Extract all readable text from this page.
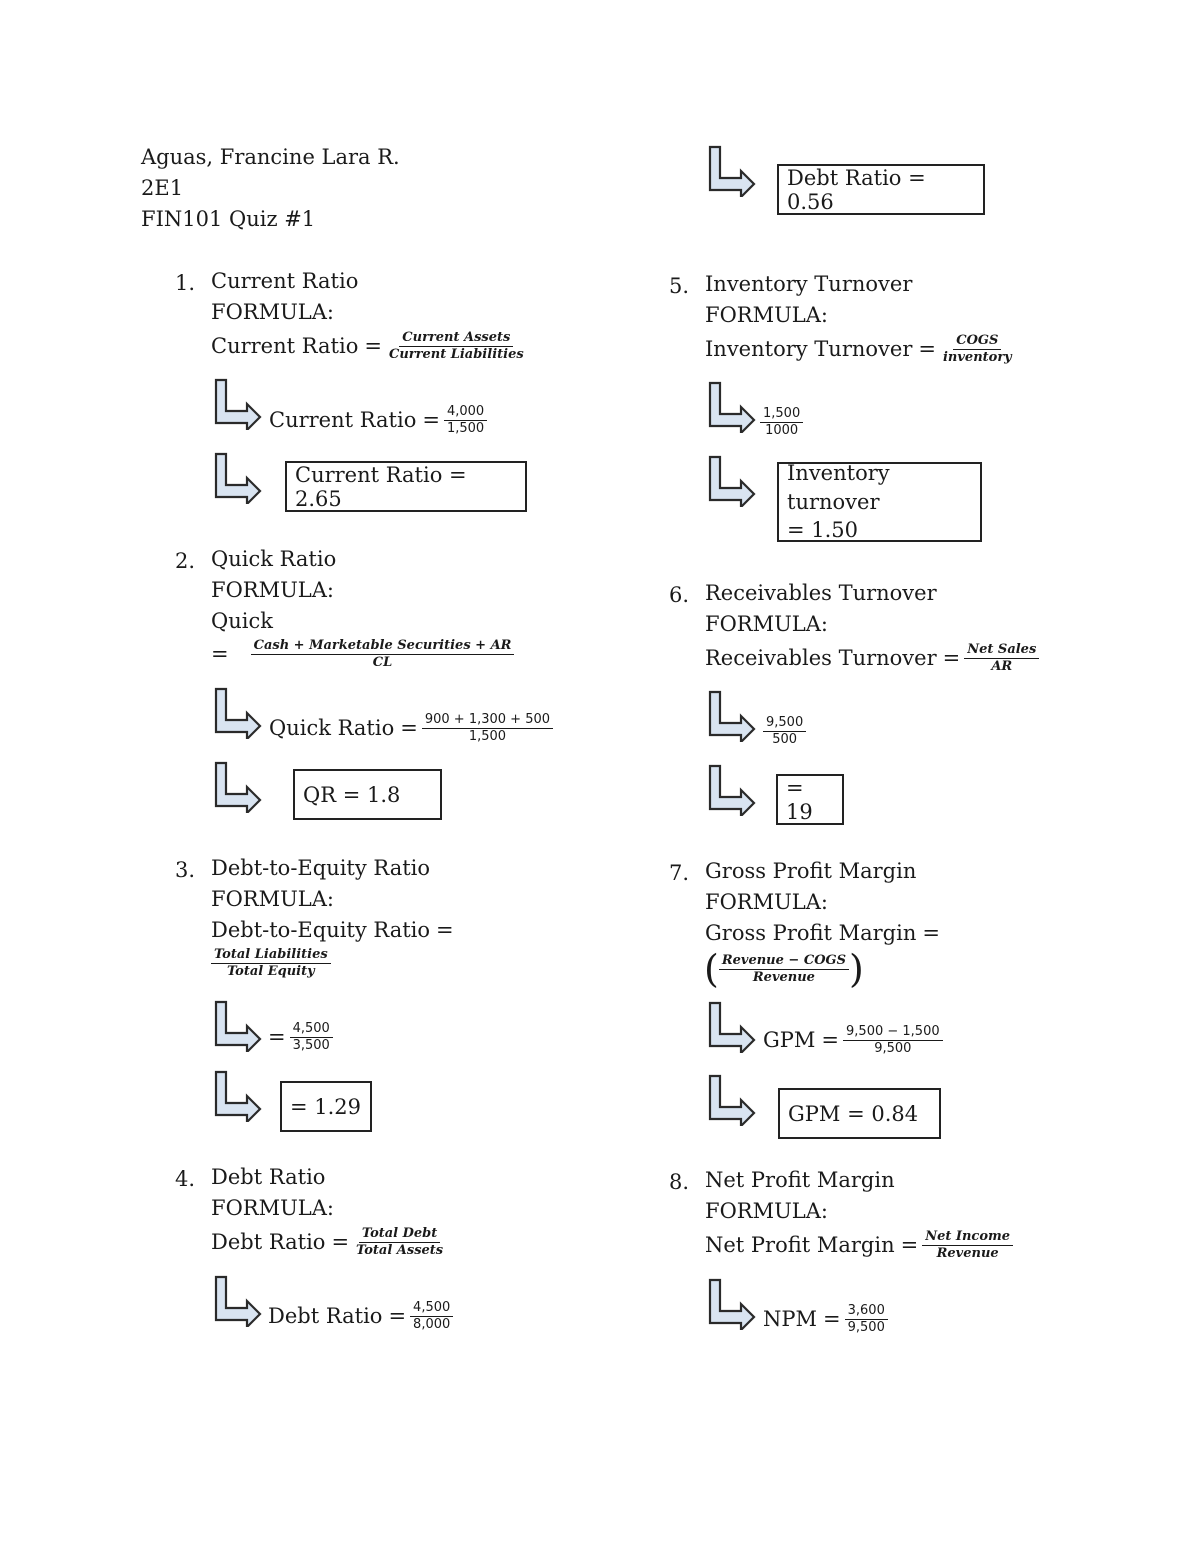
Aguas, Francine Lara R.
2E1
FIN101 Quiz #1
1. Current Ratio
FORMULA:
Current Ratio = $\frac{\text{Current Assets}}{\text{Current Liabilities}}$
Current Ratio = $\frac{4,000}{1,500}$
Current Ratio = 2.65
2. Quick Ratio
FORMULA:
Quick
= $\frac{\text{Cash + Marketable Securities + AR}}{CL}$
Quick Ratio = $\frac{900 + 1,300 + 500}{1,500}$
QR = 1.8
3. Debt-to-Equity Ratio
FORMULA:
Debt-to-Equity Ratio =
$\frac{\text{Total Liabilities}}{\text{Total Equity}}$
= $\frac{4,500}{3,500}$
= 1.29
4. Debt Ratio
FORMULA:
Debt Ratio = $\frac{\text{Total Debt}}{\text{Total Assets}}$
Debt Ratio = $\frac{4,500}{8,000}$
Debt Ratio = 0.56
5. Inventory Turnover
FORMULA:
Inventory Turnover = $\frac{\text{COGS}}{\text{inventory}}$
$\frac{1,500}{1000}$
Inventory turnover
= 1.50
6. Receivables Turnover
FORMULA:
Receivables Turnover = $\frac{\text{Net Sales}}{AR}$
$\frac{9,500}{500}$
= 19
7. Gross Profit Margin
FORMULA:
Gross Profit Margin =
( $\frac{\text{Revenue − COGS}}{\text{Revenue}}$ )
GPM = $\frac{9,500 - 1,500}{9,500}$
GPM = 0.84
8. Net Profit Margin
FORMULA:
Net Profit Margin = $\frac{\text{Net Income}}{\text{Revenue}}$
NPM = $\frac{3,600}{9,500}$
